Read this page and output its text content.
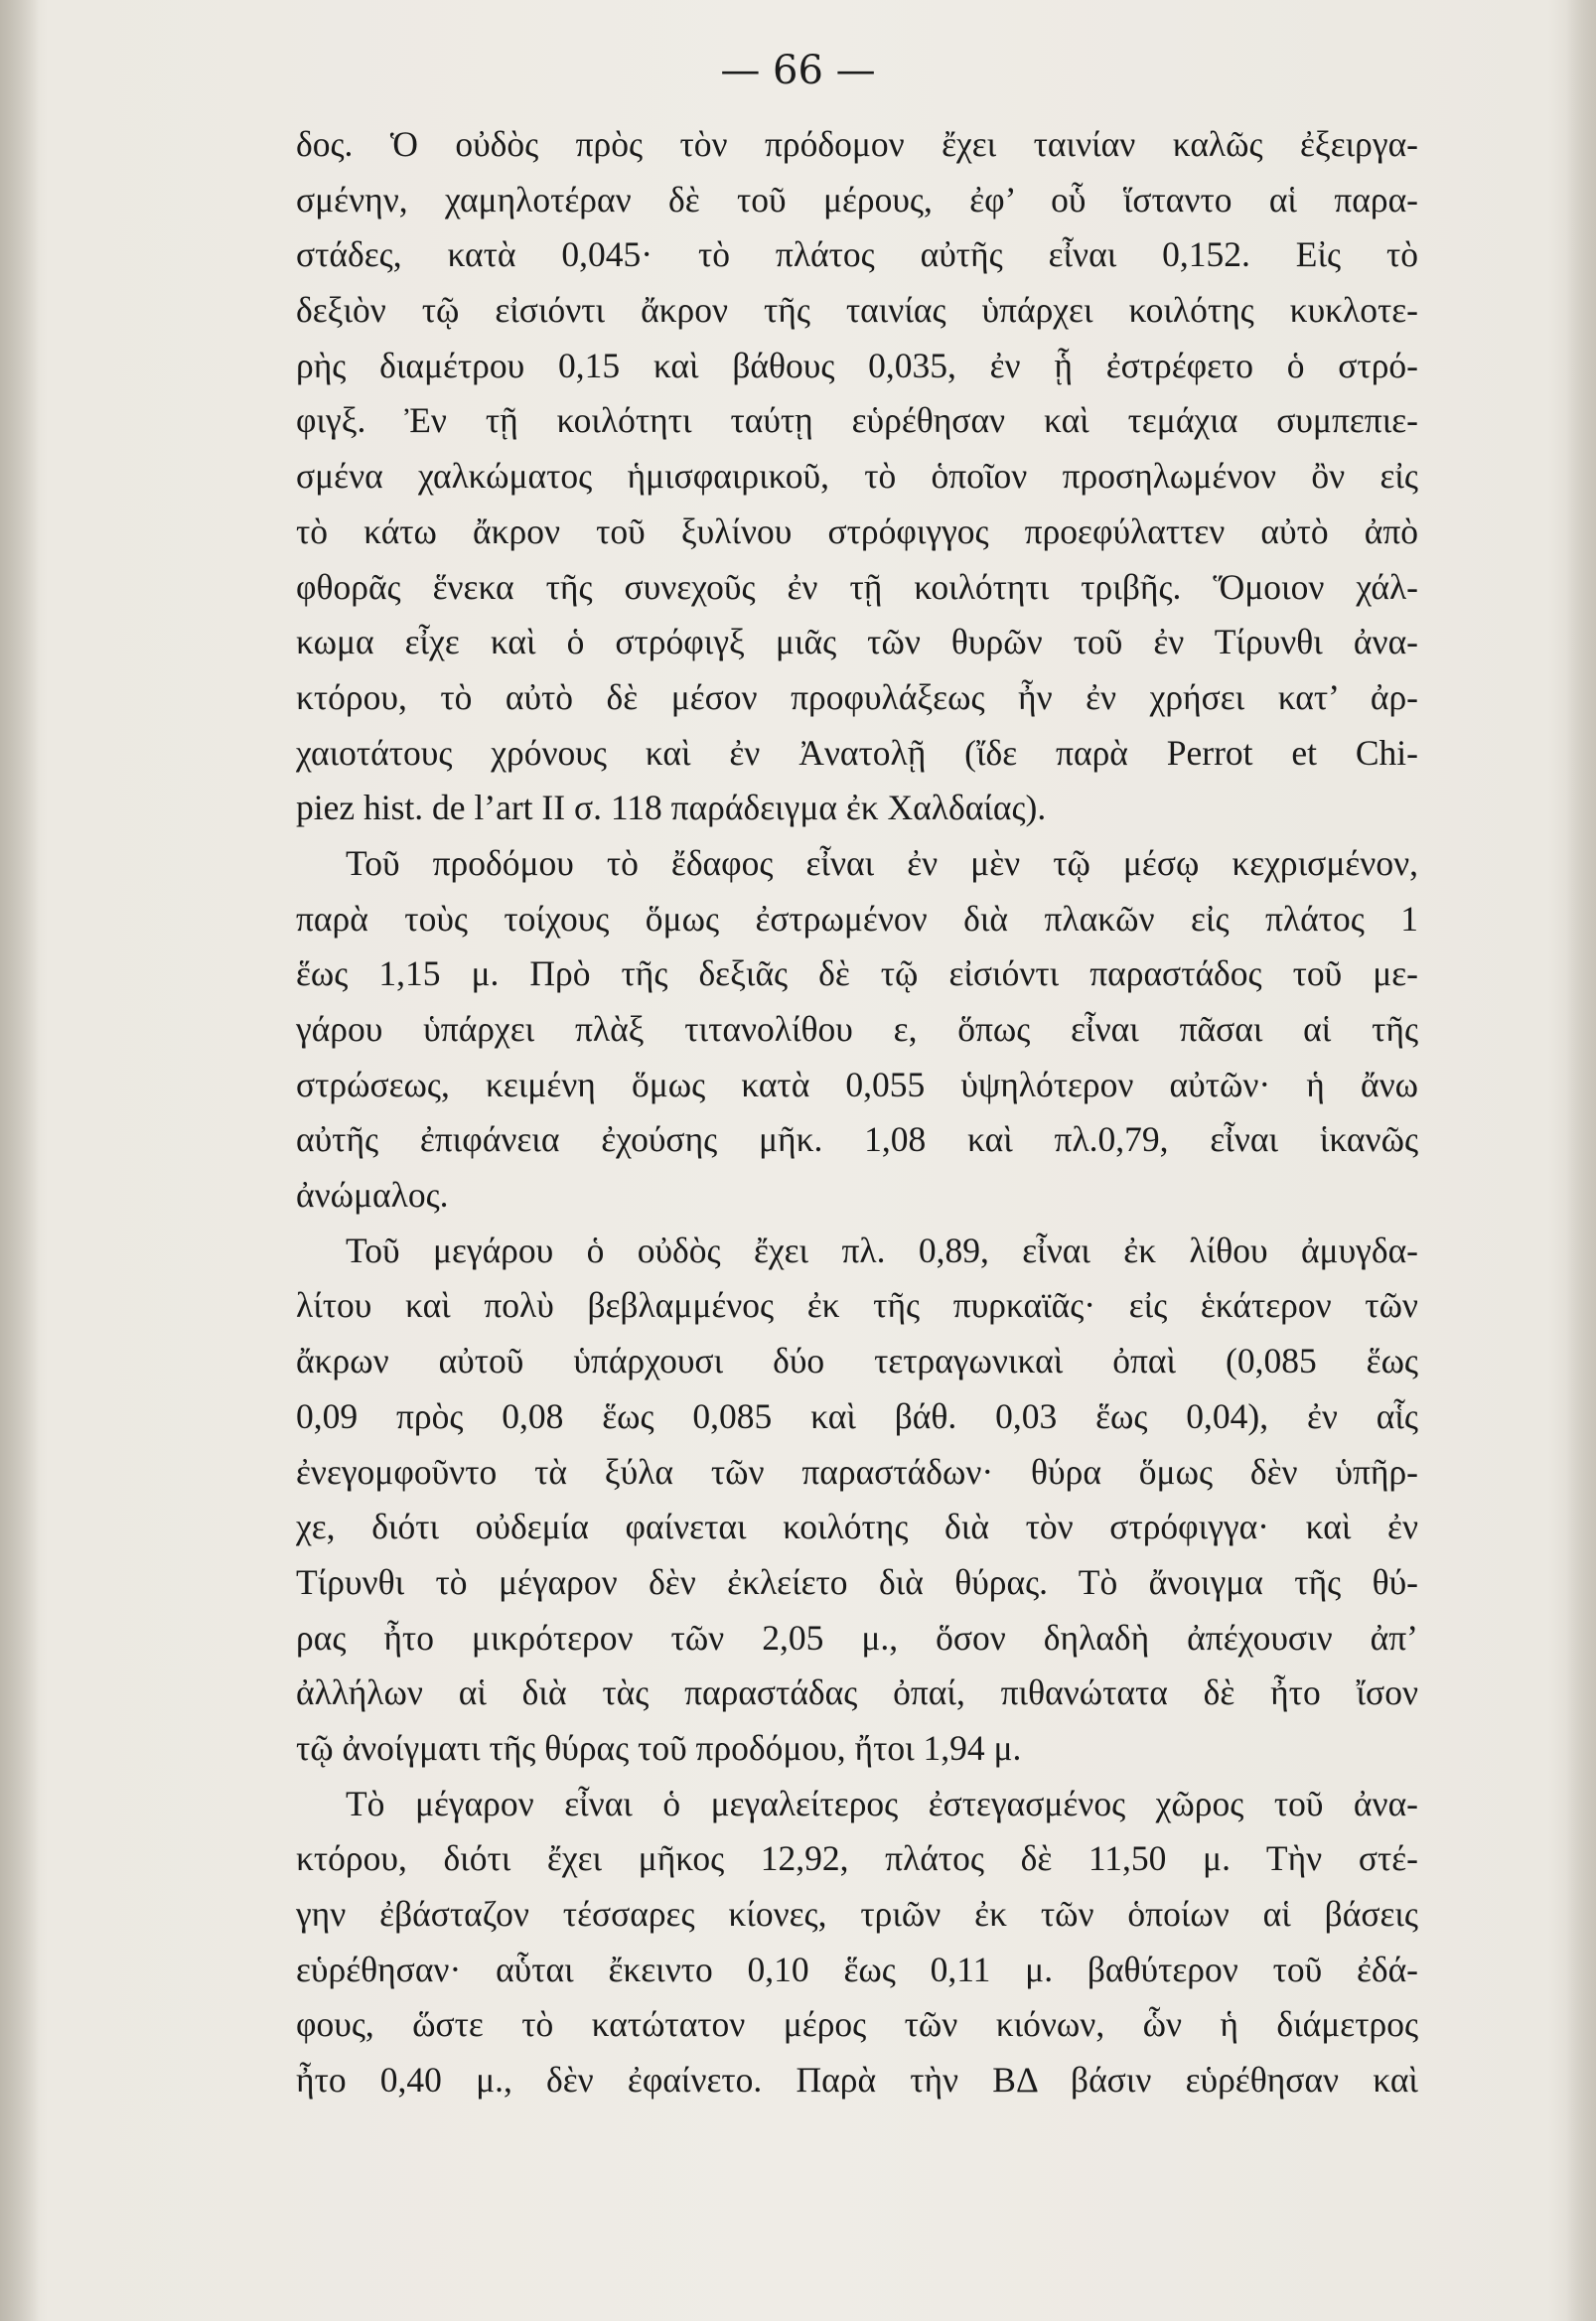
— 66 —
δος. Ὁ οὐδὸς πρὸς τὸν πρόδομον ἔχει ταινίαν καλῶς ἐξειργα-
σμένην, χαμηλοτέραν δὲ τοῦ μέρους, ἐφ’ οὗ ἵσταντο αἱ παρα-
στάδες, κατὰ 0,045· τὸ πλάτος αὐτῆς εἶναι 0,152. Εἰς τὸ
δεξιὸν τῷ εἰσιόντι ἄκρον τῆς ταινίας ὑπάρχει κοιλότης κυκλοτε-
ρὴς διαμέτρου 0,15 καὶ βάθους 0,035, ἐν ᾗ ἐστρέφετο ὁ στρό-
φιγξ. Ἐν τῇ κοιλότητι ταύτῃ εὑρέθησαν καὶ τεμάχια συμπεπιε-
σμένα χαλκώματος ἡμισφαιρικοῦ, τὸ ὁποῖον προσηλωμένον ὂν εἰς
τὸ κάτω ἄκρον τοῦ ξυλίνου στρόφιγγος προεφύλαττεν αὐτὸ ἀπὸ
φθορᾶς ἕνεκα τῆς συνεχοῦς ἐν τῇ κοιλότητι τριβῆς. Ὅμοιον χάλ-
κωμα εἶχε καὶ ὁ στρόφιγξ μιᾶς τῶν θυρῶν τοῦ ἐν Τίρυνθι ἀνα-
κτόρου, τὸ αὐτὸ δὲ μέσον προφυλάξεως ἦν ἐν χρήσει κατ’ ἀρ-
χαιοτάτους χρόνους καὶ ἐν Ἀνατολῇ (ἴδε παρὰ Perrot et Chi-
piez hist. de l’art II σ. 118 παράδειγμα ἐκ Χαλδαίας).
Τοῦ προδόμου τὸ ἔδαφος εἶναι ἐν μὲν τῷ μέσῳ κεχρισμένον,
παρὰ τοὺς τοίχους ὅμως ἐστρωμένον διὰ πλακῶν εἰς πλάτος 1
ἕως 1,15 μ. Πρὸ τῆς δεξιᾶς δὲ τῷ εἰσιόντι παραστάδος τοῦ με-
γάρου ὑπάρχει πλὰξ τιτανολίθου ε, ὅπως εἶναι πᾶσαι αἱ τῆς
στρώσεως, κειμένη ὅμως κατὰ 0,055 ὑψηλότερον αὐτῶν· ἡ ἄνω
αὐτῆς ἐπιφάνεια ἐχούσης μῆκ. 1,08 καὶ πλ.0,79, εἶναι ἱκανῶς
ἀνώμαλος.
Τοῦ μεγάρου ὁ οὐδὸς ἔχει πλ. 0,89, εἶναι ἐκ λίθου ἀμυγδα-
λίτου καὶ πολὺ βεβλαμμένος ἐκ τῆς πυρκαϊᾶς· εἰς ἑκάτερον τῶν
ἄκρων αὐτοῦ ὑπάρχουσι δύο τετραγωνικαὶ ὀπαὶ (0,085 ἕως
0,09 πρὸς 0,08 ἕως 0,085 καὶ βάθ. 0,03 ἕως 0,04), ἐν αἷς
ἐνεγομφοῦντο τὰ ξύλα τῶν παραστάδων· θύρα ὅμως δὲν ὑπῆρ-
χε, διότι οὐδεμία φαίνεται κοιλότης διὰ τὸν στρόφιγγα· καὶ ἐν
Τίρυνθι τὸ μέγαρον δὲν ἐκλείετο διὰ θύρας. Τὸ ἄνοιγμα τῆς θύ-
ρας ἦτο μικρότερον τῶν 2,05 μ., ὅσον δηλαδὴ ἀπέχουσιν ἀπ’
ἀλλήλων αἱ διὰ τὰς παραστάδας ὀπαί, πιθανώτατα δὲ ἦτο ἴσον
τῷ ἀνοίγματι τῆς θύρας τοῦ προδόμου, ἤτοι 1,94 μ.
Τὸ μέγαρον εἶναι ὁ μεγαλείτερος ἐστεγασμένος χῶρος τοῦ ἀνα-
κτόρου, διότι ἔχει μῆκος 12,92, πλάτος δὲ 11,50 μ. Τὴν στέ-
γην ἐβάσταζον τέσσαρες κίονες, τριῶν ἐκ τῶν ὁποίων αἱ βάσεις
εὑρέθησαν· αὗται ἔκειντο 0,10 ἕως 0,11 μ. βαθύτερον τοῦ ἐδά-
φους, ὥστε τὸ κατώτατον μέρος τῶν κιόνων, ὧν ἡ διάμετρος
ἦτο 0,40 μ., δὲν ἐφαίνετο. Παρὰ τὴν ΒΔ βάσιν εὑρέθησαν καὶ
